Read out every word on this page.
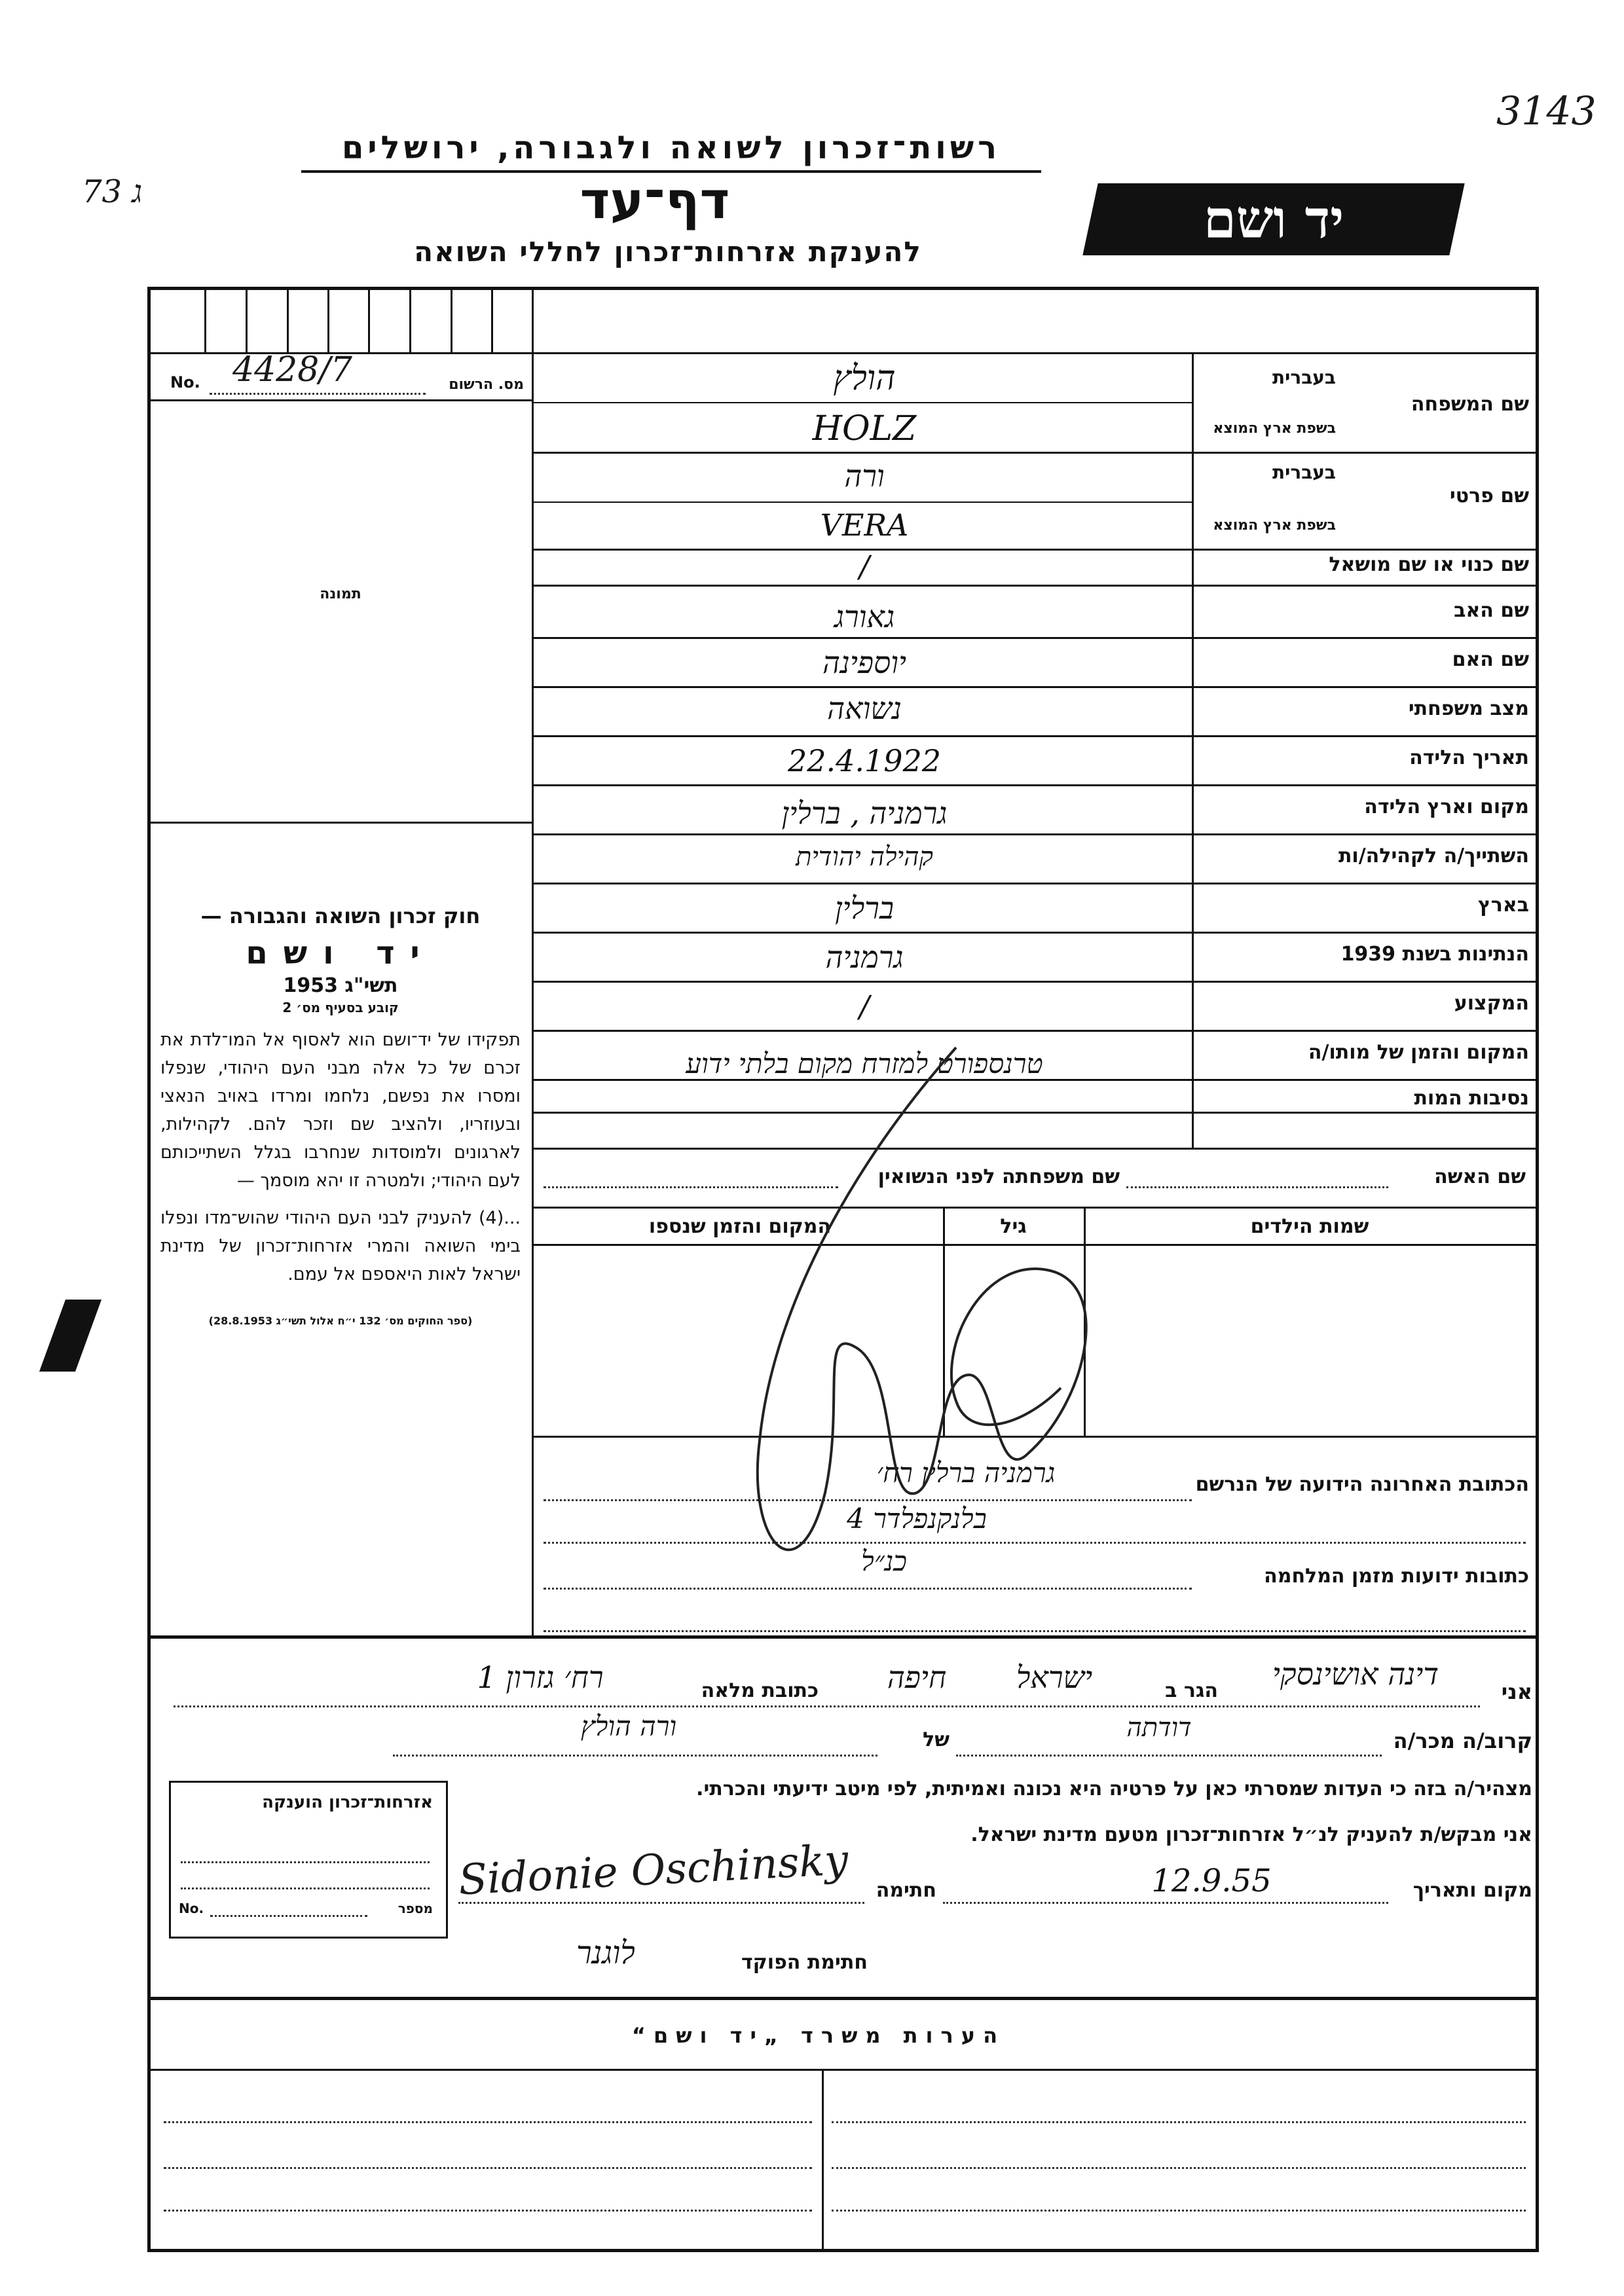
73 ג
3143
רשות־זכרון לשואה ולגבורה, ירושלים
דף־עד
להענקת אזרחות־זכרון לחללי השואה
יד ושם
No. 4428/7	מס. הרשום
תמונה

חוק זכרון השואה והגבורה —

יד ושם

תשי"ג 1953

קובע בסעיף מס׳ 2

תפקידו של יד־ושם הוא לאסוף אל המו־לדת את זכרם של כל אלה מבני העם היהודי, שנפלו ומסרו את נפשם, נלחמו ומרדו באויב הנאצי ובעוזריו, ולהציב שם וזכר להם. לקהילות, לארגונים ולמוסדות שנחרבו בגלל השתייכותם לעם היהודי; ולמטרה זו יהא מוסמך —

...(4) להעניק לבני העם היהודי שהוש־מדו ונפלו בימי השואה והמרי אזרחות־זכרון של מדינת ישראל לאות היאספם אל עמם.

(ספר החוקים מס׳ 132 י״ח אלול תשי״ג 28.8.1953)

שם המשפחה
בעברית
בשפת ארץ המוצא
הולץ
HOLZ
שם פרטי
בעברית
בשפת ארץ המוצא
ורה
VERA
שם כנוי או שם מושאל
/
שם האב
גאורג
שם האם
יוספינה
מצב משפחתי
נשואה
תאריך הלידה
22.4.1922
מקום וארץ הלידה
גרמניה , ברלין
השתייך/ה לקהילה/ות
קהילה יהודית
בארץ
ברלין
הנתינות בשנת 1939
גרמניה
המקצוע
/
המקום והזמן של מותו/ה
טרנספורט למזרח מקום בלתי ידוע
נסיבות המות
שם האשה
שם משפחתה לפני הנשואין
שמות הילדים
גיל
המקום והזמן שנספו
הכתובת האחרונה הידועה של הנרשם
גרמניה ברלין רח׳
בלנקנפלדר 4
כתובות ידועות מזמן המלחמה
כנ״ל
אני
דינה אושינסקי
הגר ב
ישראל
חיפה
כתובת מלאה
רח׳ גזרון 1
קרוב/ה מכר/ה
דודתה
של
ורה הולץ
מצהיר/ה בזה כי העדות שמסרתי כאן על פרטיה היא נכונה ואמיתית, לפי מיטב ידיעתי והכרתי.
אני מבקש/ת להעניק לנ״ל אזרחות־זכרון מטעם מדינת ישראל.
מקום ותאריך
12.9.55
חתימה
Sidonie Oschinsky
חתימת הפוקד
לוגנר
אזרחות־זכרון הוענקה
No.	מספר
הערות משרד „יד ושם“
